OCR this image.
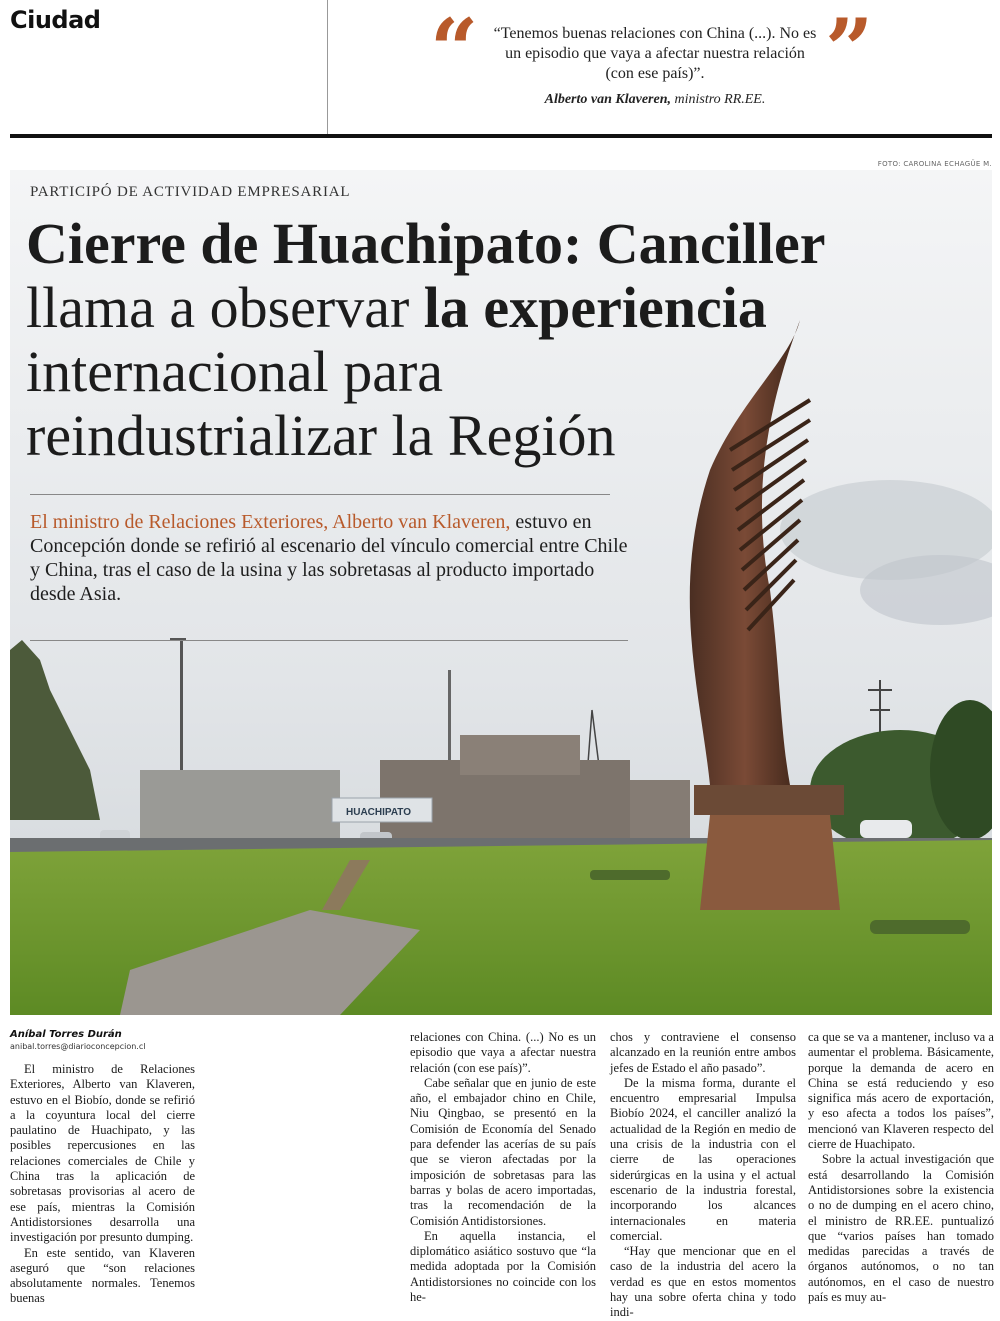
Ciudad	“ “Tenemos buenas relaciones con China (...). No es un episodio que vaya a afectar nuestra relación (con ese país)”.	”
Alberto van Klaveren, ministro RR.EE.
FOTO: CAROLINA ECHAGÜE M.
HUACHIPATO
PARTICIPÓ DE ACTIVIDAD EMPRESARIAL
Cierre de Huachipato: Canciller
llama a observar la experiencia
internacional para
reindustrializar la Región
El ministro de Relaciones Exteriores, Alberto van Klaveren, estuvo en Concepción donde se refirió al escenario del vínculo comercial entre Chile y China, tras el caso de la usina y las sobretasas al producto importado desde Asia.
Aníbal Torres Durán
anibal.torres@diarioconcepcion.cl

El ministro de Relaciones Exteriores, Alberto van Klaveren, estuvo en el Biobío, donde se refirió a la coyuntura local del cierre paulatino de Huachipato, y las posibles repercusiones en las relaciones comerciales de Chile y China tras la aplicación de sobretasas provisorias al acero de ese país, mientras la Comisión Antidistorsiones desarrolla una investigación por presunto dumping.

En este sentido, van Klaveren aseguró que “son relaciones absolutamente normales. Tenemos buenas

relaciones con China. (...) No es un episodio que vaya a afectar nuestra relación (con ese país)”.

Cabe señalar que en junio de este año, el embajador chino en Chile, Niu Qingbao, se presentó en la Comisión de Economía del Senado para defender las acerías de su país que se vieron afectadas por la imposición de sobretasas para las barras y bolas de acero importadas, tras la recomendación de la Comisión Antidistorsiones.

En aquella instancia, el diplomático asiático sostuvo que “la medida adoptada por la Comisión Antidistorsiones no coincide con los he-

chos y contraviene el consenso alcanzado en la reunión entre ambos jefes de Estado el año pasado”.

De la misma forma, durante el encuentro empresarial Impulsa Biobío 2024, el canciller analizó la actualidad de la Región en medio de una crisis de la industria con el cierre de las operaciones siderúrgicas en la usina y el actual escenario de la industria forestal, incorporando los alcances internacionales en materia comercial.

“Hay que mencionar que en el caso de la industria del acero la verdad es que en estos momentos hay una sobre oferta china y todo indi-

ca que se va a mantener, incluso va a aumentar el problema. Básicamente, porque la demanda de acero en China se está reduciendo y eso significa más acero de exportación, y eso afecta a todos los países”, mencionó van Klaveren respecto del cierre de Huachipato.

Sobre la actual investigación que está desarrollando la Comisión Antidistorsiones sobre la existencia o no de dumping en el acero chino, el ministro de RR.EE. puntualizó que “varios países han tomado medidas parecidas a través de órganos autónomos, o no tan autónomos, en el caso de nuestro país es muy au-
